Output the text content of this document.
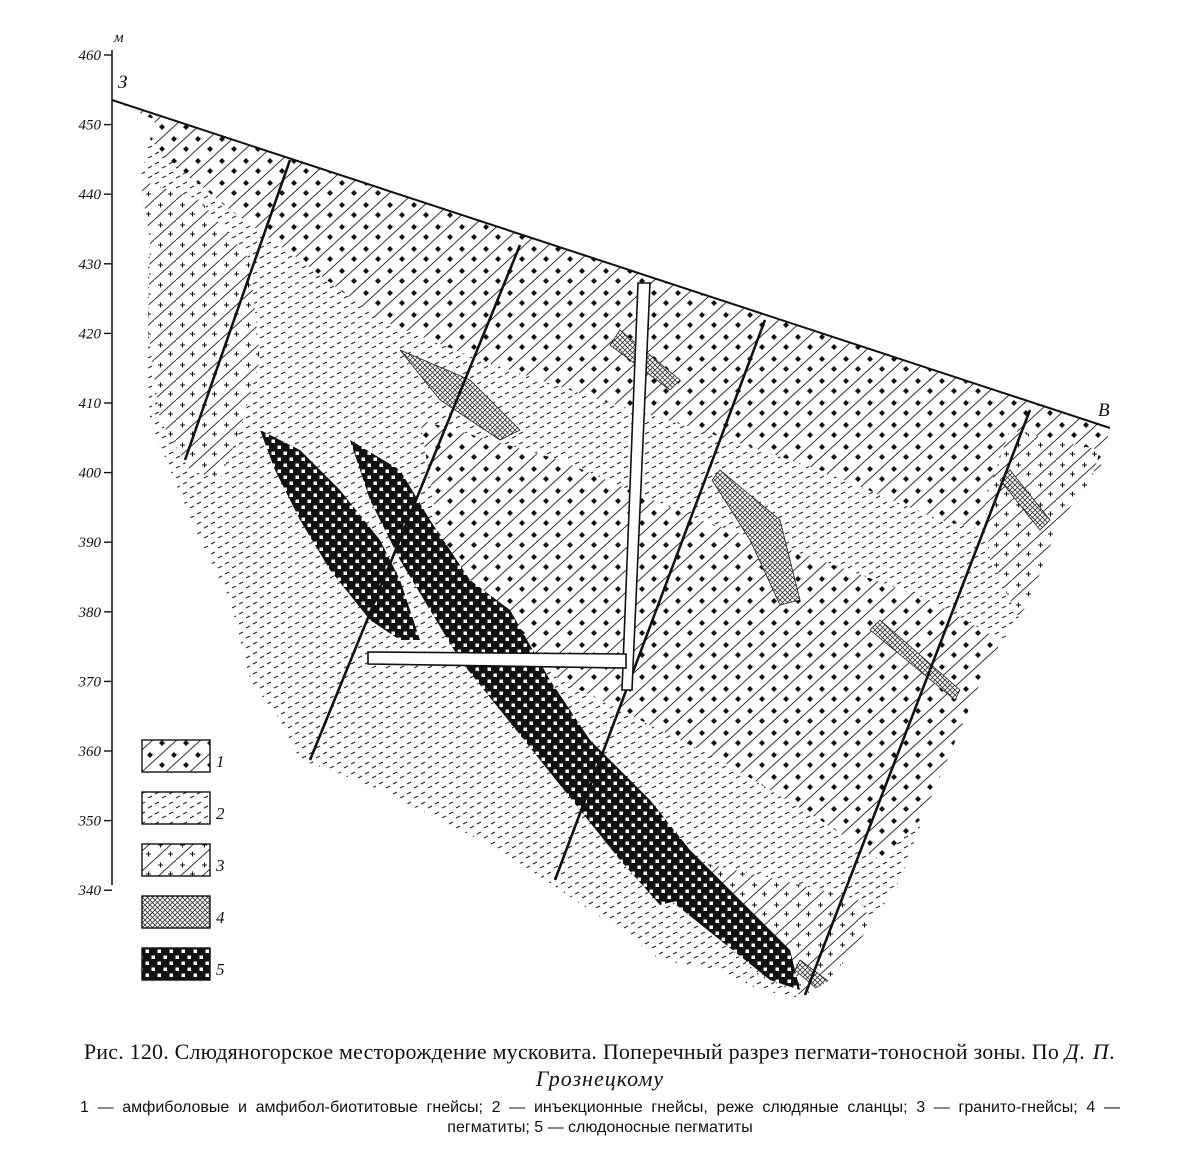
м
460
450
440
430
420
410
400
390
380
370
360
350
340
З
В
1
2
3
4
5
Рис. 120. Слюдяногорское месторождение мусковита. Поперечный разрез пегмати-тоносной зоны. По Д. П. Грознецкому
1 — амфиболовые и амфибол-биотитовые гнейсы; 2 — инъекционные гнейсы, реже слюдяные сланцы; 3 — гранито-гнейсы; 4 — пегматиты; 5 — слюдоносные пегматиты
